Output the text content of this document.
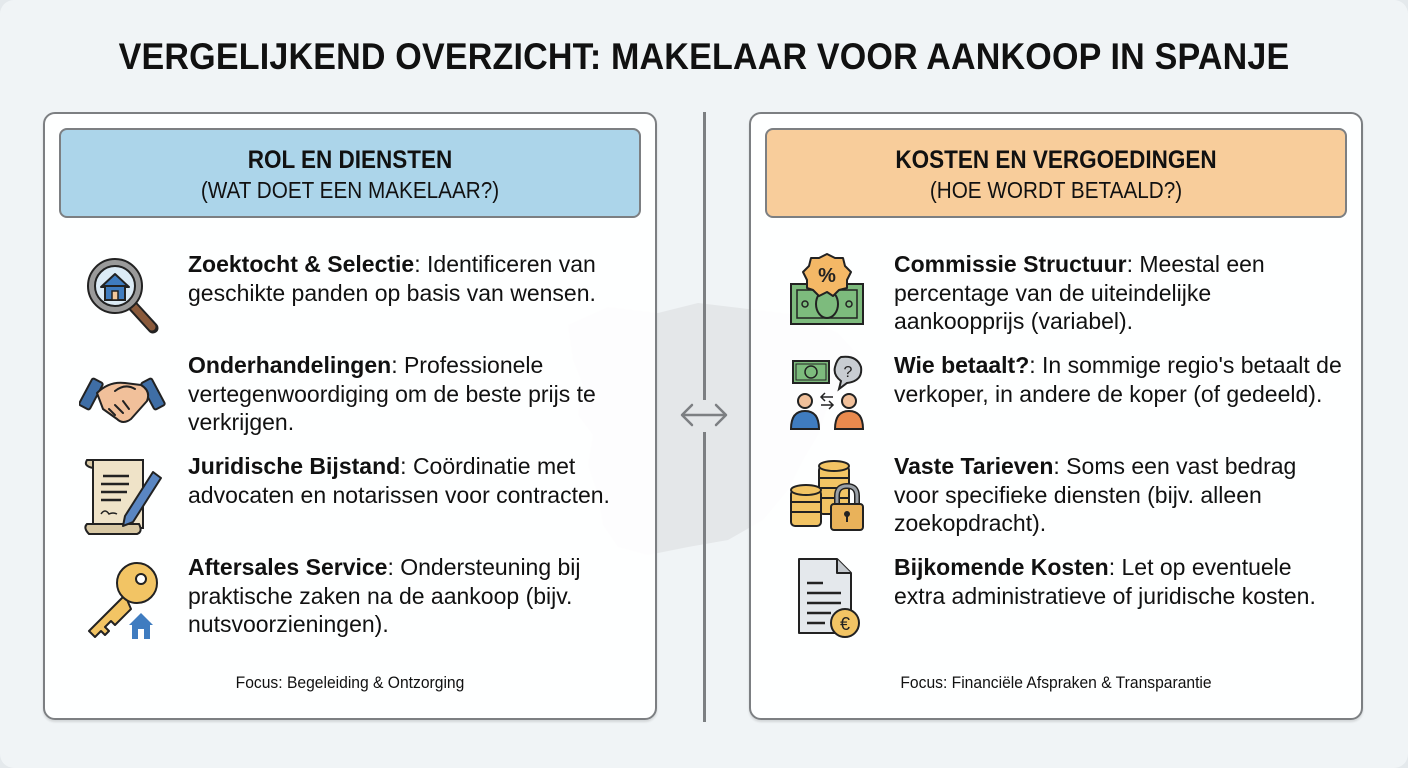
VERGELIJKEND OVERZICHT: MAKELAAR VOOR AANKOOP IN SPANJE
ROL EN DIENSTEN
(WAT DOET EEN MAKELAAR?)
Zoektocht & Selectie: Identificeren van geschikte panden op basis van wensen.
Onderhandelingen: Professionele vertegenwoordiging om de beste prijs te verkrijgen.
Juridische Bijstand: Coördinatie met advocaten en notarissen voor contracten.
Aftersales Service: Ondersteuning bij praktische zaken na de aankoop (bijv. nutsvoorzieningen).
Focus: Begeleiding & Ontzorging
KOSTEN EN VERGOEDINGEN
(HOE WORDT BETAALD?)
%	Commissie Structuur: Meestal een percentage van de uiteindelijke aankoopprijs (variabel).
? Wie betaalt?: In sommige regio's betaalt de verkoper, in andere de koper (of gedeeld).
Vaste Tarieven: Soms een vast bedrag voor specifieke diensten (bijv. alleen zoekopdracht).
€
Bijkomende Kosten: Let op eventuele extra administratieve of juridische kosten.
Focus: Financiële Afspraken & Transparantie
